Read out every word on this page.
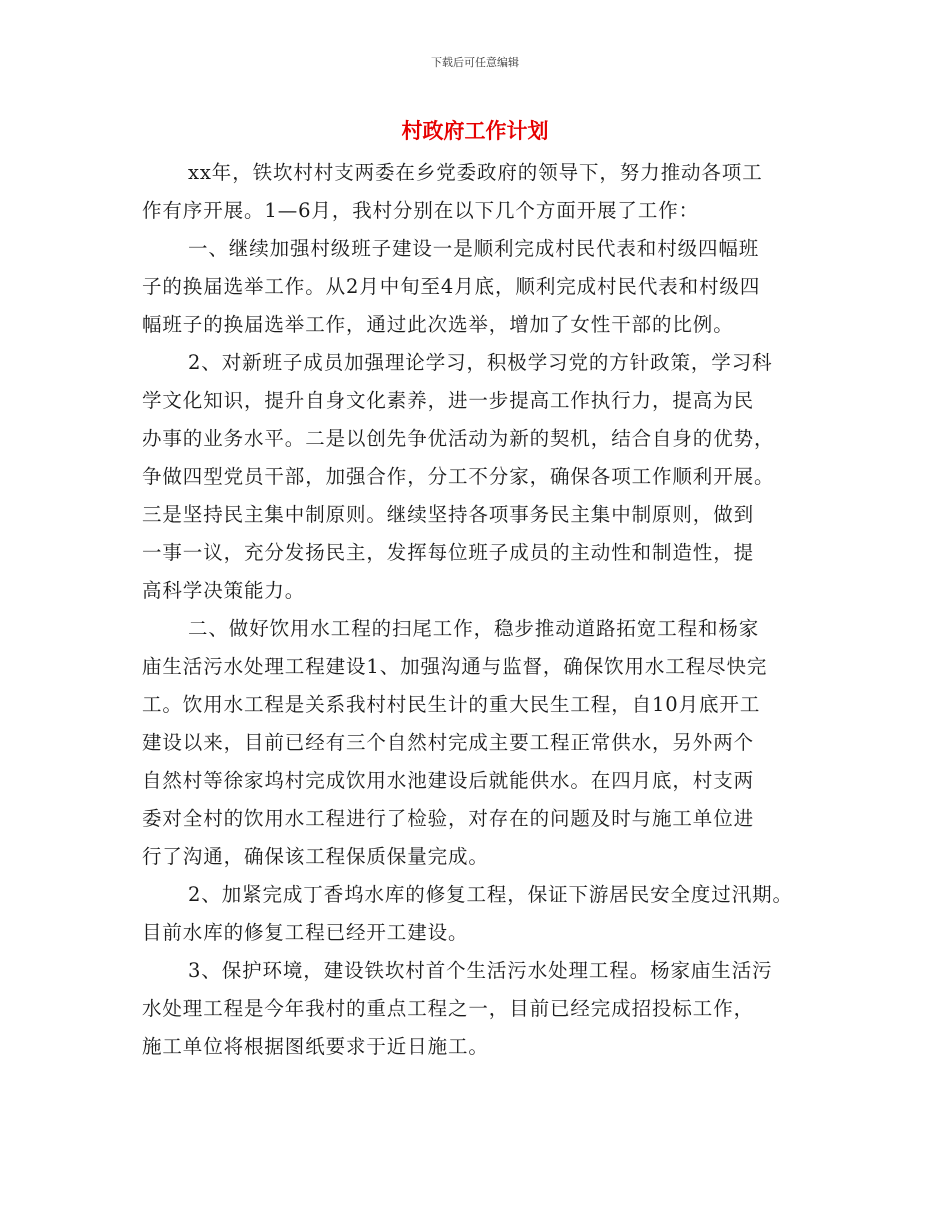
下载后可任意编辑
村政府工作计划
xx年，铁坎村村支两委在乡党委政府的领导下，努力推动各项工
作有序开展。1—6月，我村分别在以下几个方面开展了工作：
一、继续加强村级班子建设一是顺利完成村民代表和村级四幅班
子的换届选举工作。从2月中旬至4月底，顺利完成村民代表和村级四
幅班子的换届选举工作，通过此次选举，增加了女性干部的比例。
2、对新班子成员加强理论学习，积极学习党的方针政策，学习科
学文化知识，提升自身文化素养，进一步提高工作执行力，提高为民
办事的业务水平。二是以创先争优活动为新的契机，结合自身的优势，
争做四型党员干部，加强合作，分工不分家，确保各项工作顺利开展。
三是坚持民主集中制原则。继续坚持各项事务民主集中制原则，做到
一事一议，充分发扬民主，发挥每位班子成员的主动性和制造性，提
高科学决策能力。
二、做好饮用水工程的扫尾工作，稳步推动道路拓宽工程和杨家
庙生活污水处理工程建设1、加强沟通与监督，确保饮用水工程尽快完
工。饮用水工程是关系我村村民生计的重大民生工程，自10月底开工
建设以来，目前已经有三个自然村完成主要工程正常供水，另外两个
自然村等徐家坞村完成饮用水池建设后就能供水。在四月底，村支两
委对全村的饮用水工程进行了检验，对存在的问题及时与施工单位进
行了沟通，确保该工程保质保量完成。
2、加紧完成丁香坞水库的修复工程，保证下游居民安全度过汛期。
目前水库的修复工程已经开工建设。
3、保护环境，建设铁坎村首个生活污水处理工程。杨家庙生活污
水处理工程是今年我村的重点工程之一，目前已经完成招投标工作，
施工单位将根据图纸要求于近日施工。
